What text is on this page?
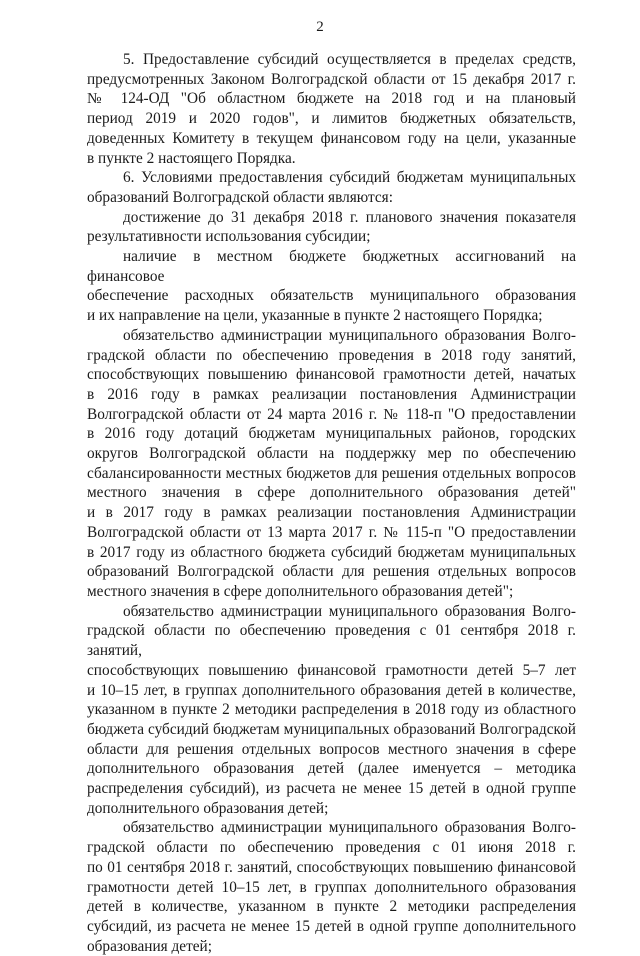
2

5. Предоставление субсидий осуществляется в пределах средств,
предусмотренных Законом Волгоградской области от 15 декабря 2017 г.
№ 124-ОД "Об областном бюджете на 2018 год и на плановый
период 2019 и 2020 годов", и лимитов бюджетных обязательств,
доведенных Комитету в текущем финансовом году на цели, указанные
в пункте 2 настоящего Порядка.

6. Условиями предоставления субсидий бюджетам муниципальных
образований Волгоградской области являются:

достижение до 31 декабря 2018 г. планового значения показателя
результативности использования субсидии;

наличие в местном бюджете бюджетных ассигнований на финансовое
обеспечение расходных обязательств муниципального образования
и их направление на цели, указанные в пункте 2 настоящего Порядка;

обязательство администрации муниципального образования Волго-
градской области по обеспечению проведения в 2018 году занятий,
способствующих повышению финансовой грамотности детей, начатых
в 2016 году в рамках реализации постановления Администрации
Волгоградской области от 24 марта 2016 г. № 118-п "О предоставлении
в 2016 году дотаций бюджетам муниципальных районов, городских
округов Волгоградской области на поддержку мер по обеспечению
сбалансированности местных бюджетов для решения отдельных вопросов
местного значения в сфере дополнительного образования детей"
и в 2017 году в рамках реализации постановления Администрации
Волгоградской области от 13 марта 2017 г. № 115-п "О предоставлении
в 2017 году из областного бюджета субсидий бюджетам муниципальных
образований Волгоградской области для решения отдельных вопросов
местного значения в сфере дополнительного образования детей";

обязательство администрации муниципального образования Волго-
градской области по обеспечению проведения с 01 сентября 2018 г. занятий,
способствующих повышению финансовой грамотности детей 5–7 лет
и 10–15 лет, в группах дополнительного образования детей в количестве,
указанном в пункте 2 методики распределения в 2018 году из областного
бюджета субсидий бюджетам муниципальных образований Волгоградской
области для решения отдельных вопросов местного значения в сфере
дополнительного образования детей (далее именуется – методика
распределения субсидий), из расчета не менее 15 детей в одной группе
дополнительного образования детей;

обязательство администрации муниципального образования Волго-
градской области по обеспечению проведения с 01 июня 2018 г.
по 01 сентября 2018 г. занятий, способствующих повышению финансовой
грамотности детей 10–15 лет, в группах дополнительного образования
детей в количестве, указанном в пункте 2 методики распределения
субсидий, из расчета не менее 15 детей в одной группе дополнительного
образования детей;
